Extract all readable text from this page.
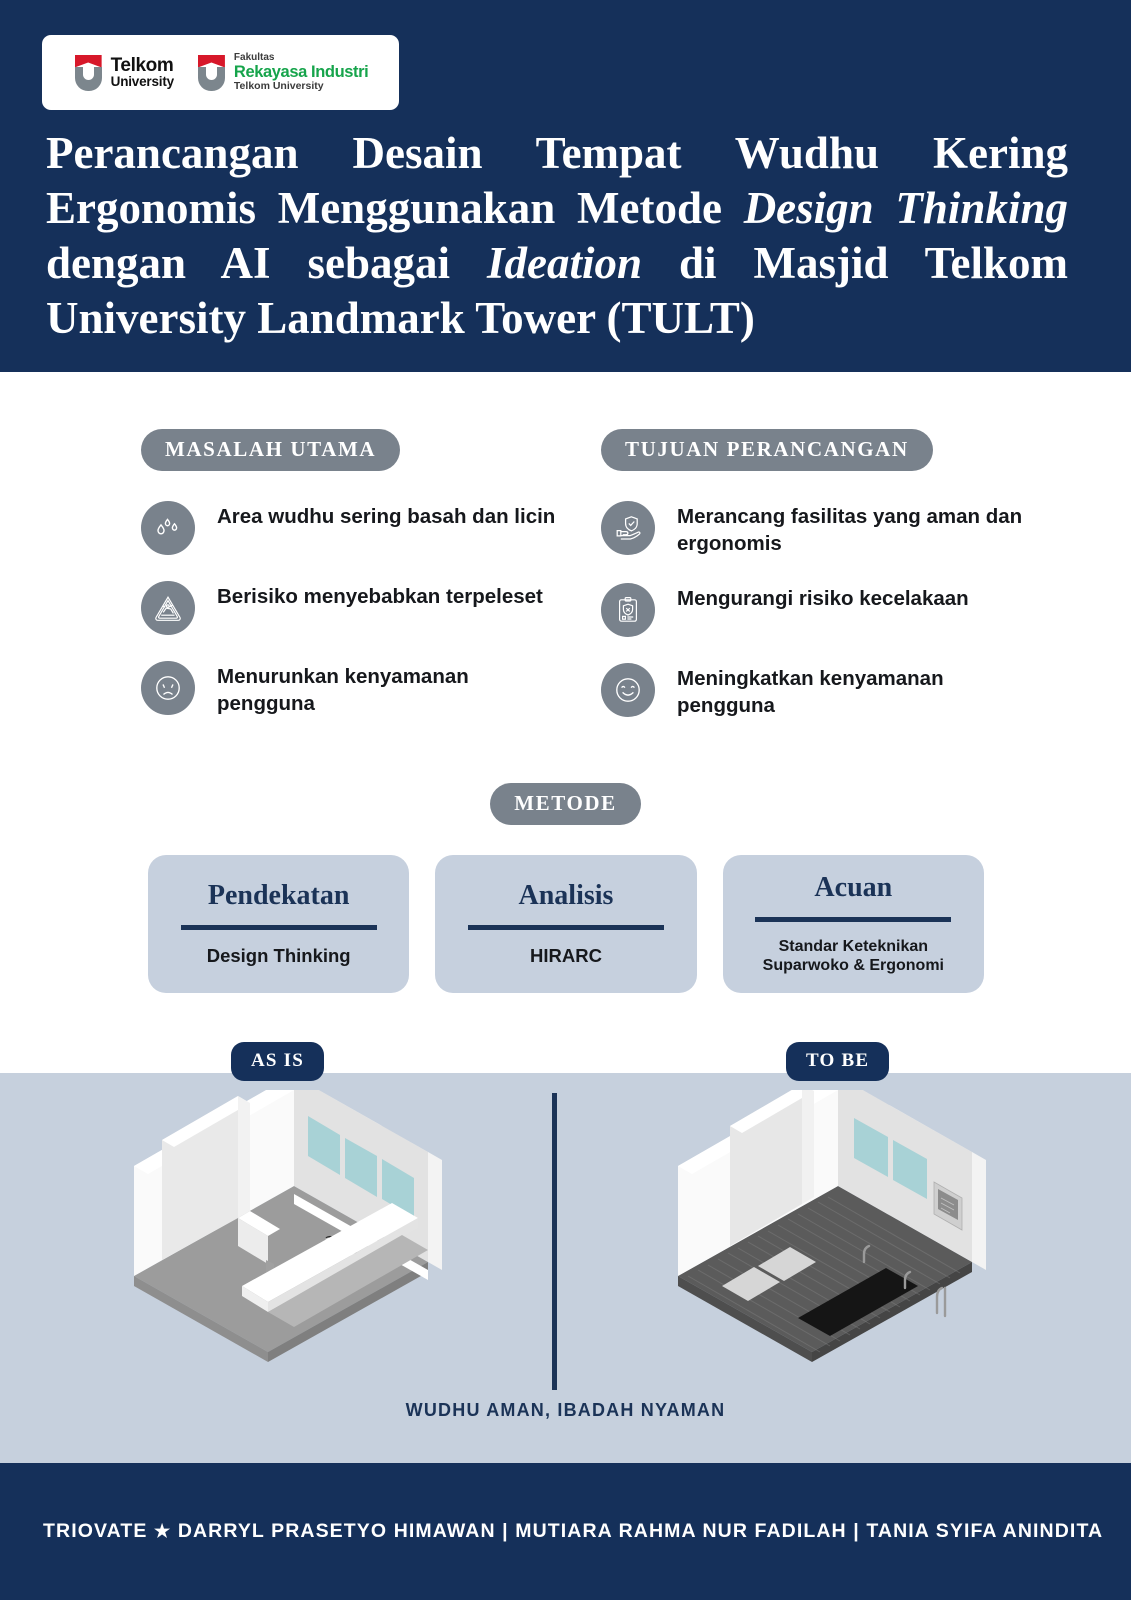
Telkom
University
Fakultas
Rekayasa Industri
Telkom University
Perancangan Desain Tempat Wudhu Kering Ergonomis Menggunakan Metode Design Thinking dengan AI sebagai Ideation di Masjid Telkom University Landmark Tower (TULT)
MASALAH UTAMA
Area wudhu sering basah dan licin
Berisiko menyebabkan terpeleset
Menurunkan kenyamanan pengguna
TUJUAN PERANCANGAN
Merancang fasilitas yang aman dan ergonomis
Mengurangi risiko kecelakaan
Meningkatkan kenyamanan pengguna
METODE
Pendekatan
Design Thinking
Analisis
HIRARC
Acuan
Standar Keteknikan Suparwoko & Ergonomi
AS IS	TO BE
WUDHU AMAN, IBADAH NYAMAN
TRIOVATE ★ DARRYL PRASETYO HIMAWAN | MUTIARA RAHMA NUR FADILAH | TANIA SYIFA ANINDITA
